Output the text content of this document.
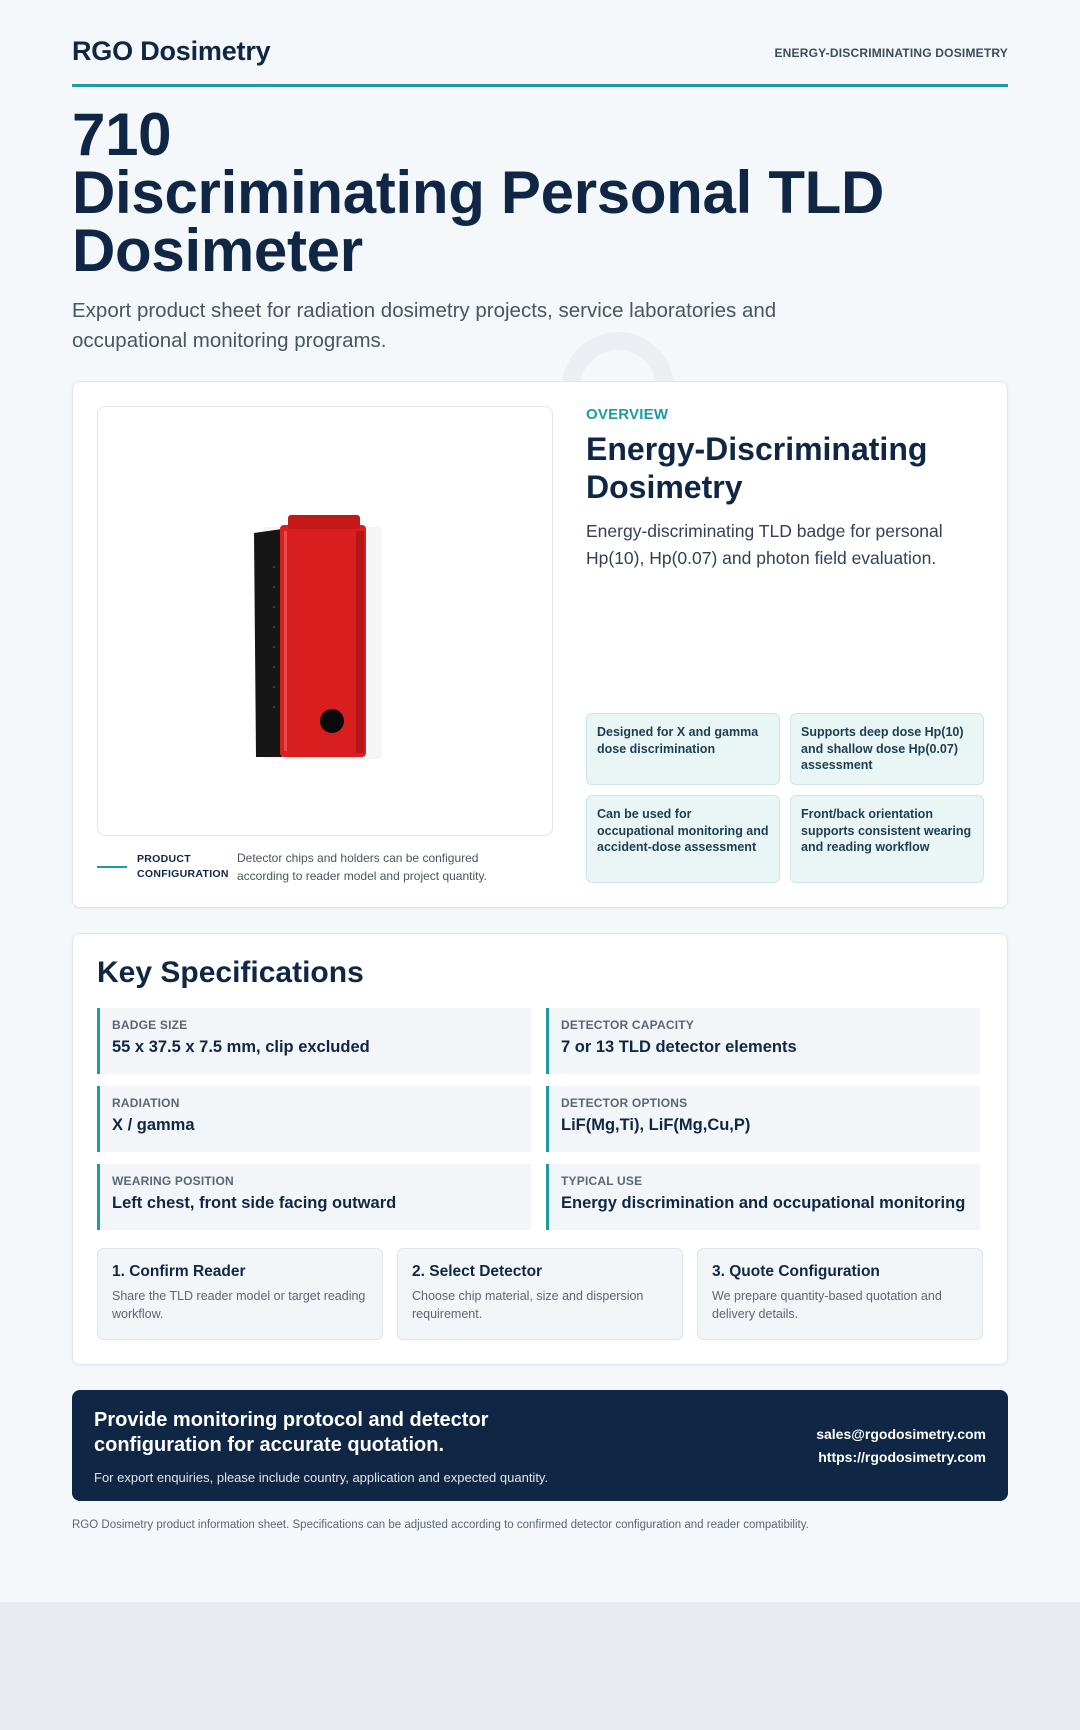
RGO Dosimetry	ENERGY-DISCRIMINATING DOSIMETRY
710
Discriminating Personal TLD
Dosimeter
Export product sheet for radiation dosimetry projects, service laboratories and occupational monitoring programs.
PRODUCT CONFIGURATION
Detector chips and holders can be configured according to reader model and project quantity.
OVERVIEW
Energy-Discriminating Dosimetry
Energy-discriminating TLD badge for personal Hp(10), Hp(0.07) and photon field evaluation.
Designed for X and gamma dose discrimination
Supports deep dose Hp(10) and shallow dose Hp(0.07) assessment
Can be used for occupational monitoring and accident-dose assessment
Front/back orientation supports consistent wearing and reading workflow
Key Specifications
BADGE SIZE
55 x 37.5 x 7.5 mm, clip excluded
DETECTOR CAPACITY
7 or 13 TLD detector elements
RADIATION
X / gamma
DETECTOR OPTIONS
LiF(Mg,Ti), LiF(Mg,Cu,P)
WEARING POSITION
Left chest, front side facing outward
TYPICAL USE
Energy discrimination and occupational monitoring
1. Confirm Reader
Share the TLD reader model or target reading workflow.
2. Select Detector
Choose chip material, size and dispersion requirement.
3. Quote Configuration
We prepare quantity-based quotation and delivery details.
Provide monitoring protocol and detector configuration for accurate quotation.
For export enquiries, please include country, application and expected quantity.
sales@rgodosimetry.com
https://rgodosimetry.com
RGO Dosimetry product information sheet. Specifications can be adjusted according to confirmed detector configuration and reader compatibility.
